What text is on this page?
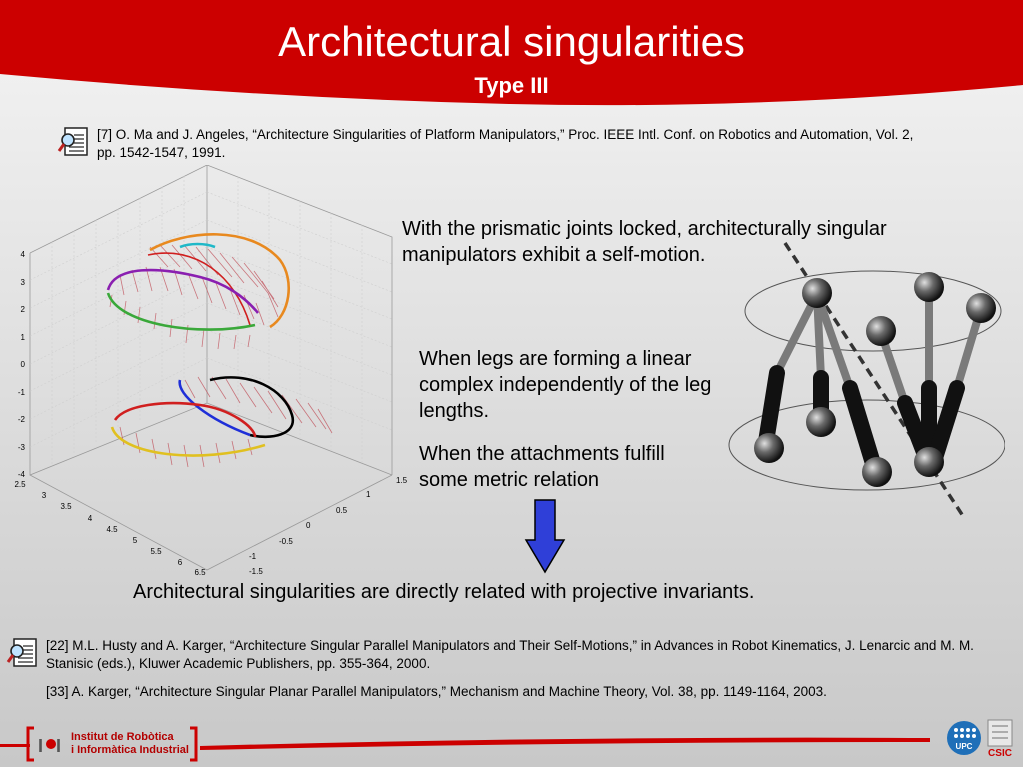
Architectural singularities
Type III
[7] O. Ma and J. Angeles, “Architecture Singularities of Platform Manipulators,” Proc. IEEE Intl. Conf. on Robotics and Automation, Vol. 2, pp. 1542-1547, 1991.
4
3
2
1
0
-1
-2
-3
-4
2.5
3
3.5
4
4.5
5
5.5
6
6.5	-1.5
-1
-0.5
0
0.5
1
1.5
With the prismatic joints locked, architecturally singular manipulators exhibit a self-motion.
When legs are forming a linear complex independently of the leg lengths.
When the attachments fulfill some metric relation
Architectural singularities are directly related with projective invariants.
[22] M.L. Husty and A. Karger, “Architecture Singular Parallel Manipulators and Their Self-Motions,” in Advances in Robot Kinematics, J. Lenarcic and M. M. Stanisic (eds.), Kluwer Academic Publishers, pp. 355-364, 2000.
[33] A. Karger, “Architecture Singular Planar Parallel Manipulators,” Mechanism and Machine Theory, Vol. 38, pp. 1149-1164, 2003.
I I Institut de Robòtica
i Informàtica Industrial	UPC
CSIC
